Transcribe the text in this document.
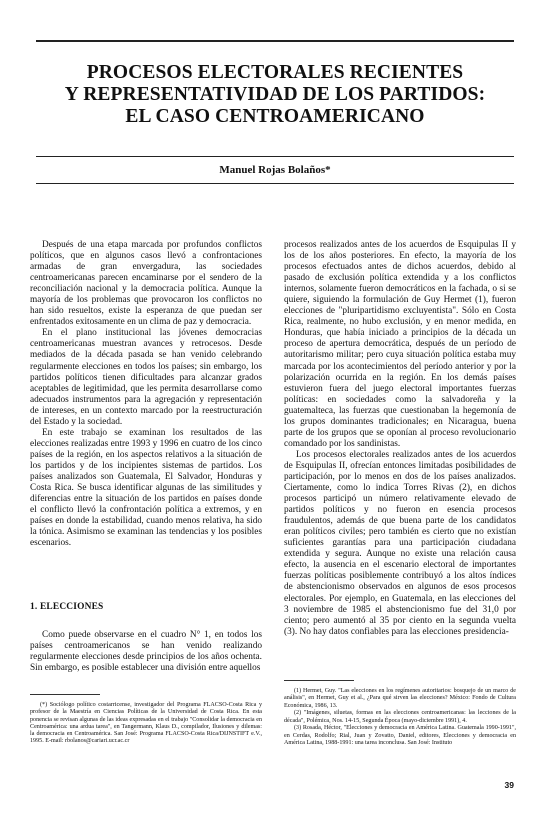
PROCESOS ELECTORALES RECIENTES
Y REPRESENTATIVIDAD DE LOS PARTIDOS:
EL CASO CENTROAMERICANO
Manuel Rojas Bolaños*

Después de una etapa marcada por profundos conflictos políticos, que en algunos casos llevó a confrontaciones armadas de gran envergadura, las sociedades centroamericanas parecen encaminarse por el sendero de la reconciliación nacional y la democracia política. Aunque la mayoría de los problemas que provocaron los conflictos no han sido resueltos, existe la esperanza de que puedan ser enfrentados exitosamente en un clima de paz y democracia.

En el plano institucional las jóvenes democracias centroamericanas muestran avances y retrocesos. Desde mediados de la década pasada se han venido celebrando regularmente elecciones en todos los países; sin embargo, los partidos políticos tienen dificultades para alcanzar grados aceptables de legitimidad, que les permita desarrollarse como adecuados instrumentos para la agregación y representación de intereses, en un contexto marcado por la reestructuración del Estado y la sociedad.

En este trabajo se examinan los resultados de las elecciones realizadas entre 1993 y 1996 en cuatro de los cinco países de la región, en los aspectos relativos a la situación de los partidos y de los incipientes sistemas de partidos. Los países analizados son Guatemala, El Salvador, Honduras y Costa Rica. Se busca identificar algunas de las similitudes y diferencias entre la situación de los partidos en países donde el conflicto llevó la confrontación política a extremos, y en países en donde la estabilidad, cuando menos relativa, ha sido la tónica. Asimismo se examinan las tendencias y los posibles escenarios.

1. ELECCIONES

Como puede observarse en el cuadro N° 1, en todos los países centroamericanos se han venido realizando regularmente elecciones desde principios de los años ochenta. Sin embargo, es posible establecer una división entre aquellos

procesos realizados antes de los acuerdos de Esquipulas II y los de los años posteriores. En efecto, la mayoría de los procesos efectuados antes de dichos acuerdos, debido al pasado de exclusión política extendida y a los conflictos internos, solamente fueron democráticos en la fachada, o si se quiere, siguiendo la formulación de Guy Hermet (1), fueron elecciones de "pluripartidismo excluyentista". Sólo en Costa Rica, realmente, no hubo exclusión, y en menor medida, en Honduras, que había iniciado a principios de la década un proceso de apertura democrática, después de un período de autoritarismo militar; pero cuya situación política estaba muy marcada por los acontecimientos del período anterior y por la polarización ocurrida en la región. En los demás países estuvieron fuera del juego electoral importantes fuerzas políticas: en sociedades como la salvadoreña y la guatemalteca, las fuerzas que cuestionaban la hegemonía de los grupos dominantes tradicionales; en Nicaragua, buena parte de los grupos que se oponían al proceso revolucionario comandado por los sandinistas.

Los procesos electorales realizados antes de los acuerdos de Esquipulas II, ofrecían entonces limitadas posibilidades de participación, por lo menos en dos de los países analizados. Ciertamente, como lo indica Torres Rivas (2), en dichos procesos participó un número relativamente elevado de partidos políticos y no fueron en esencia procesos fraudulentos, además de que buena parte de los candidatos eran políticos civiles; pero también es cierto que no existían suficientes garantías para una participación ciudadana extendida y segura. Aunque no existe una relación causa efecto, la ausencia en el escenario electoral de importantes fuerzas políticas posiblemente contribuyó a los altos índices de abstencionismo observados en algunos de esos procesos electorales. Por ejemplo, en Guatemala, en las elecciones del 3 noviembre de 1985 el abstencionismo fue del 31,0 por ciento; pero aumentó al 35 por ciento en la segunda vuelta (3). No hay datos confiables para las elecciones presidencia-

(*) Sociólogo político costarricense, investigador del Programa FLACSO-Costa Rica y profesor de la Maestría en Ciencias Políticas de la Universidad de Costa Rica. En esta ponencia se revisan algunas de las ideas expresadas en el trabajo "Consolidar la democracia en Centroamérica: una ardua tarea", en Tangermann, Klaus D., compilador, Ilusiones y dilemas: la democracia en Centroamérica. San José: Programa FLACSO-Costa Rica/DIJNSTIFT e.V., 1995. E-mail: rbolanos@cariari.ucr.ac.cr

(1) Hermet, Guy. "Las elecciones en los regímenes autoritarios: bosquejo de un marco de análisis", en Hermet, Guy et al., ¿Para qué sirven las elecciones? México: Fondo de Cultura Económica, 1986, 13.

(2) "Imágenes, siluetas, formas en las elecciones centroamericanas: las lecciones de la década", Polémica, Nos. 14-15, Segunda Época (mayo-diciembre 1991), 4.

(3) Rosada, Héctor, "Elecciones y democracia en América Latina. Guatemala 1990-1991", en Cerdas, Rodolfo; Rial, Juan y Zovatto, Daniel, editores, Elecciones y democracia en América Latina, 1988-1991: una tarea inconclusa. San José: Instituto

39
